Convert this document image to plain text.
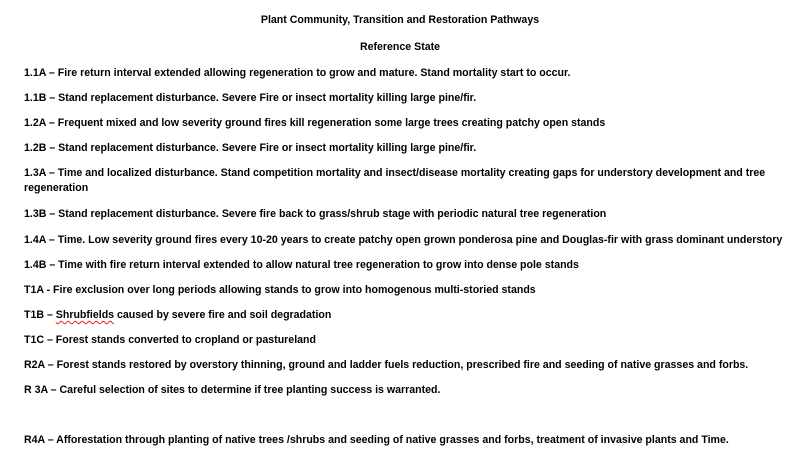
Plant Community, Transition and Restoration Pathways
Reference State
1.1A – Fire return interval extended allowing regeneration to grow and mature. Stand mortality start to occur.
1.1B – Stand replacement disturbance. Severe Fire or insect mortality killing large pine/fir.
1.2A – Frequent mixed and low severity ground fires kill regeneration some large trees creating patchy open stands
1.2B – Stand replacement disturbance. Severe Fire or insect mortality killing large pine/fir.
1.3A – Time and localized disturbance. Stand competition mortality and insect/disease mortality creating gaps for understory development and tree regeneration
1.3B – Stand replacement disturbance. Severe fire back to grass/shrub stage with periodic natural tree regeneration
1.4A – Time. Low severity ground fires every 10-20 years to create patchy open grown ponderosa pine and Douglas-fir with grass dominant understory
1.4B – Time with fire return interval extended to allow natural tree regeneration to grow into dense pole stands
T1A - Fire exclusion over long periods allowing stands to grow into homogenous multi-storied stands
T1B – Shrubfields caused by severe fire and soil degradation
T1C – Forest stands converted to cropland or pastureland
R2A – Forest stands restored by overstory thinning, ground and ladder fuels reduction, prescribed fire and seeding of native grasses and forbs.
R 3A – Careful selection of sites to determine if tree planting success is warranted.
R4A – Afforestation through planting of native trees /shrubs and seeding of native grasses and forbs, treatment of invasive plants and Time.
